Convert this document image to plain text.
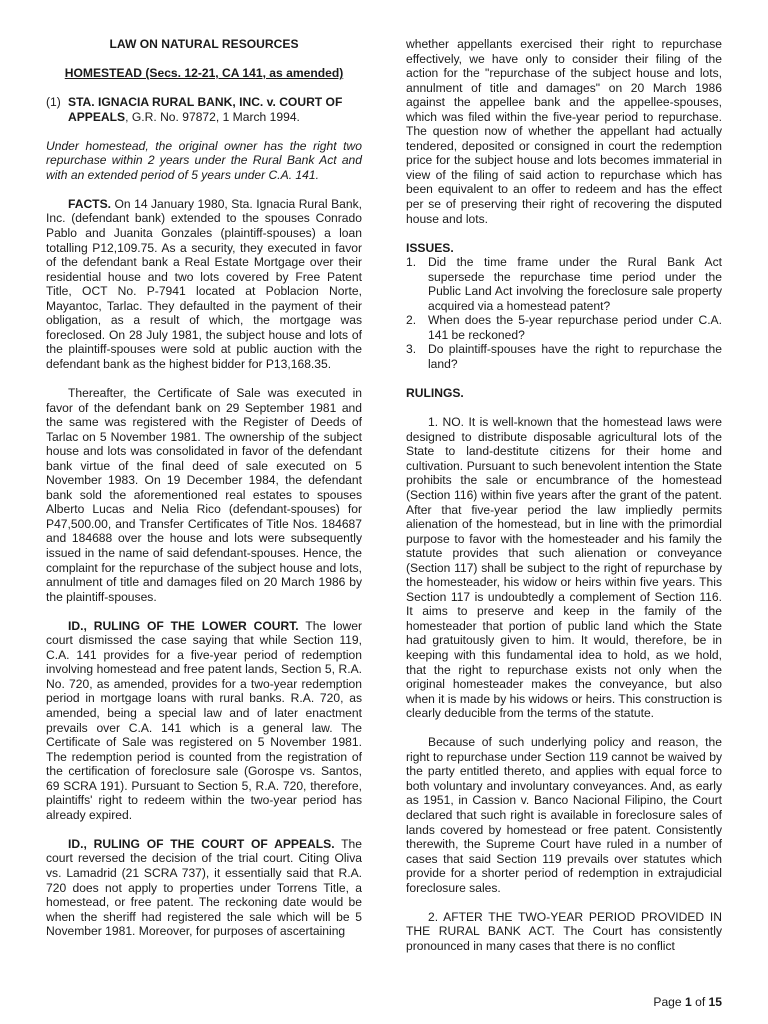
LAW ON NATURAL RESOURCES
HOMESTEAD (Secs. 12-21, CA 141, as amended)
(1) STA. IGNACIA RURAL BANK, INC. v. COURT OF APPEALS, G.R. No. 97872, 1 March 1994.

Under homestead, the original owner has the right two repurchase within 2 years under the Rural Bank Act and with an extended period of 5 years under C.A. 141.

FACTS. On 14 January 1980, Sta. Ignacia Rural Bank, Inc. (defendant bank) extended to the spouses Conrado Pablo and Juanita Gonzales (plaintiff-spouses) a loan totalling P12,109.75. As a security, they executed in favor of the defendant bank a Real Estate Mortgage over their residential house and two lots covered by Free Patent Title, OCT No. P-7941 located at Poblacion Norte, Mayantoc, Tarlac. They defaulted in the payment of their obligation, as a result of which, the mortgage was foreclosed. On 28 July 1981, the subject house and lots of the plaintiff-spouses were sold at public auction with the defendant bank as the highest bidder for P13,168.35.

Thereafter, the Certificate of Sale was executed in favor of the defendant bank on 29 September 1981 and the same was registered with the Register of Deeds of Tarlac on 5 November 1981. The ownership of the subject house and lots was consolidated in favor of the defendant bank virtue of the final deed of sale executed on 5 November 1983. On 19 December 1984, the defendant bank sold the aforementioned real estates to spouses Alberto Lucas and Nelia Rico (defendant-spouses) for P47,500.00, and Transfer Certificates of Title Nos. 184687 and 184688 over the house and lots were subsequently issued in the name of said defendant-spouses. Hence, the complaint for the repurchase of the subject house and lots, annulment of title and damages filed on 20 March 1986 by the plaintiff-spouses.

ID., RULING OF THE LOWER COURT. The lower court dismissed the case saying that while Section 119, C.A. 141 provides for a five-year period of redemption involving homestead and free patent lands, Section 5, R.A. No. 720, as amended, provides for a two-year redemption period in mortgage loans with rural banks. R.A. 720, as amended, being a special law and of later enactment prevails over C.A. 141 which is a general law. The Certificate of Sale was registered on 5 November 1981. The redemption period is counted from the registration of the certification of foreclosure sale (Gorospe vs. Santos, 69 SCRA 191). Pursuant to Section 5, R.A. 720, therefore, plaintiffs' right to redeem within the two-year period has already expired.

ID., RULING OF THE COURT OF APPEALS. The court reversed the decision of the trial court. Citing Oliva vs. Lamadrid (21 SCRA 737), it essentially said that R.A. 720 does not apply to properties under Torrens Title, a homestead, or free patent. The reckoning date would be when the sheriff had registered the sale which will be 5 November 1981. Moreover, for purposes of ascertaining

whether appellants exercised their right to repurchase effectively, we have only to consider their filing of the action for the "repurchase of the subject house and lots, annulment of title and damages" on 20 March 1986 against the appellee bank and the appellee-spouses, which was filed within the five-year period to repurchase. The question now of whether the appellant had actually tendered, deposited or consigned in court the redemption price for the subject house and lots becomes immaterial in view of the filing of said action to repurchase which has been equivalent to an offer to redeem and has the effect per se of preserving their right of recovering the disputed house and lots.

ISSUES.
1. Did the time frame under the Rural Bank Act supersede the repurchase time period under the Public Land Act involving the foreclosure sale property acquired via a homestead patent?
2. When does the 5-year repurchase period under C.A. 141 be reckoned?
3. Do plaintiff-spouses have the right to repurchase the land?
RULINGS.

1. NO. It is well-known that the homestead laws were designed to distribute disposable agricultural lots of the State to land-destitute citizens for their home and cultivation. Pursuant to such benevolent intention the State prohibits the sale or encumbrance of the homestead (Section 116) within five years after the grant of the patent. After that five-year period the law impliedly permits alienation of the homestead, but in line with the primordial purpose to favor with the homesteader and his family the statute provides that such alienation or conveyance (Section 117) shall be subject to the right of repurchase by the homesteader, his widow or heirs within five years. This Section 117 is undoubtedly a complement of Section 116. It aims to preserve and keep in the family of the homesteader that portion of public land which the State had gratuitously given to him. It would, therefore, be in keeping with this fundamental idea to hold, as we hold, that the right to repurchase exists not only when the original homesteader makes the conveyance, but also when it is made by his widows or heirs. This construction is clearly deducible from the terms of the statute.

Because of such underlying policy and reason, the right to repurchase under Section 119 cannot be waived by the party entitled thereto, and applies with equal force to both voluntary and involuntary conveyances. And, as early as 1951, in Cassion v. Banco Nacional Filipino, the Court declared that such right is available in foreclosure sales of lands covered by homestead or free patent. Consistently therewith, the Supreme Court have ruled in a number of cases that said Section 119 prevails over statutes which provide for a shorter period of redemption in extrajudicial foreclosure sales.

2. AFTER THE TWO-YEAR PERIOD PROVIDED IN THE RURAL BANK ACT. The Court has consistently pronounced in many cases that there is no conflict

Page 1 of 15
